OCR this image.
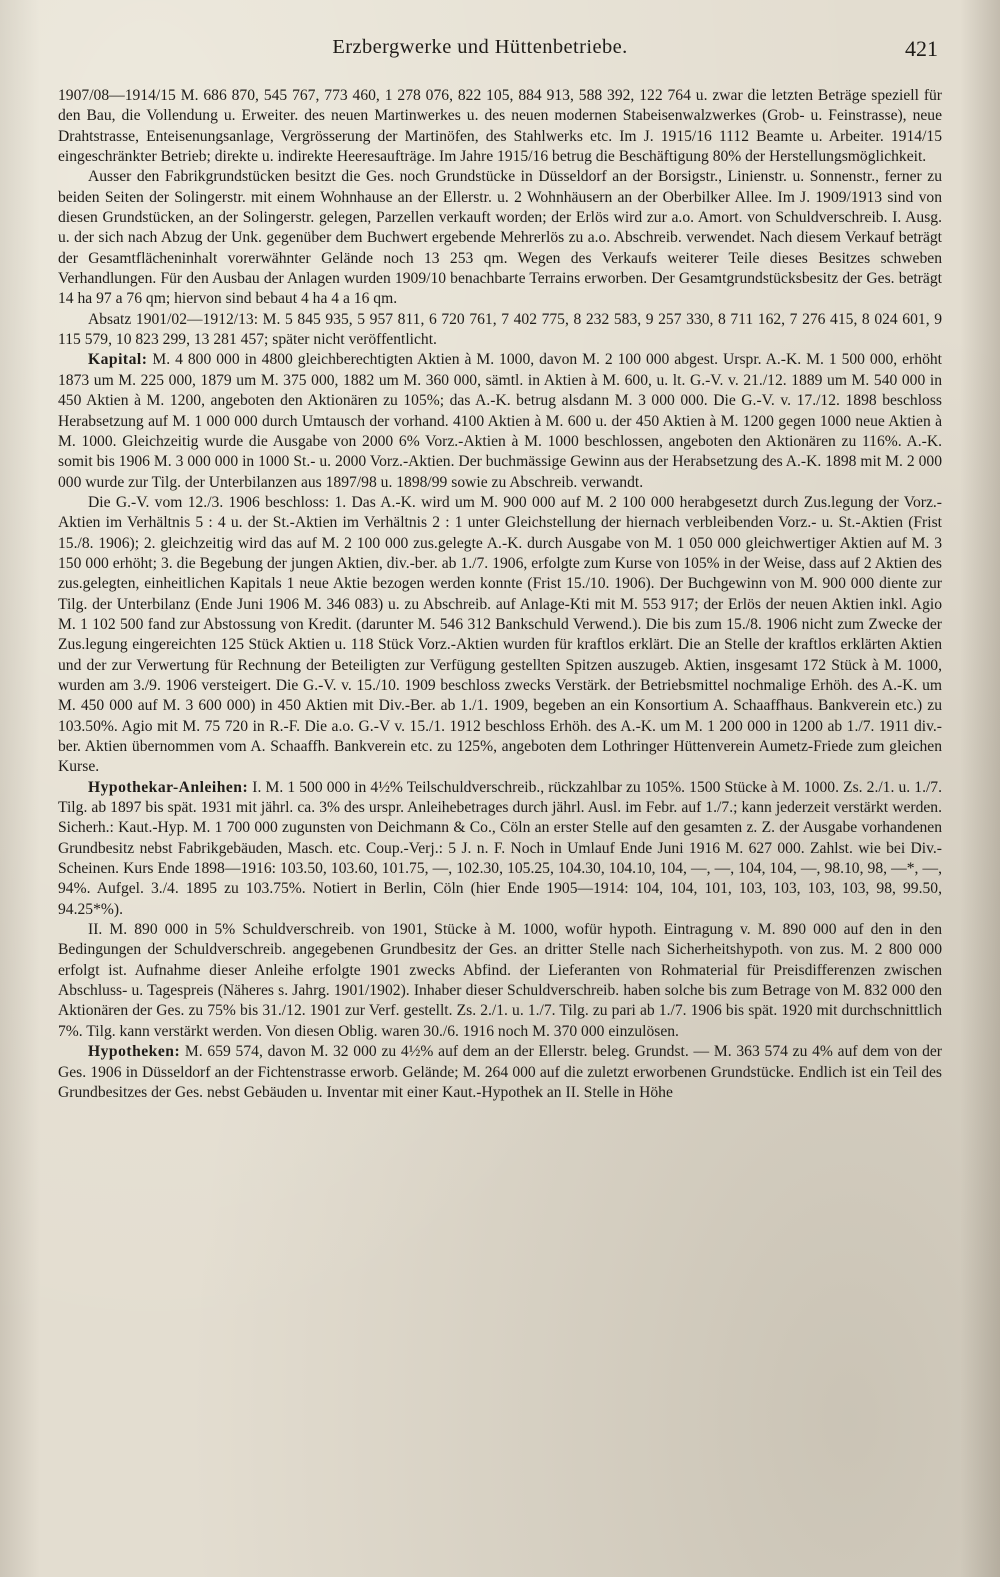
Erzbergwerke und Hüttenbetriebe.	421

1907/08—1914/15 M. 686 870, 545 767, 773 460, 1 278 076, 822 105, 884 913, 588 392, 122 764 u. zwar die letzten Beträge speziell für den Bau, die Vollendung u. Erweiter. des neuen Martinwerkes u. des neuen modernen Stabeisenwalzwerkes (Grob- u. Feinstrasse), neue Drahtstrasse, Enteisenungsanlage, Vergrösserung der Martinöfen, des Stahlwerks etc. Im J. 1915/16 1112 Beamte u. Arbeiter. 1914/15 eingeschränkter Betrieb; direkte u. indirekte Heeresaufträge. Im Jahre 1915/16 betrug die Beschäftigung 80% der Herstellungsmöglichkeit.

Ausser den Fabrikgrundstücken besitzt die Ges. noch Grundstücke in Düsseldorf an der Borsigstr., Linienstr. u. Sonnenstr., ferner zu beiden Seiten der Solingerstr. mit einem Wohnhause an der Ellerstr. u. 2 Wohnhäusern an der Oberbilker Allee. Im J. 1909/1913 sind von diesen Grundstücken, an der Solingerstr. gelegen, Parzellen verkauft worden; der Erlös wird zur a.o. Amort. von Schuldverschreib. I. Ausg. u. der sich nach Abzug der Unk. gegenüber dem Buchwert ergebende Mehrerlös zu a.o. Abschreib. verwendet. Nach diesem Verkauf beträgt der Gesamtflächeninhalt vorerwähnter Gelände noch 13 253 qm. Wegen des Verkaufs weiterer Teile dieses Besitzes schweben Verhandlungen. Für den Ausbau der Anlagen wurden 1909/10 benachbarte Terrains erworben. Der Gesamtgrundstücksbesitz der Ges. beträgt 14 ha 97 a 76 qm; hiervon sind bebaut 4 ha 4 a 16 qm.

Absatz 1901/02—1912/13: M. 5 845 935, 5 957 811, 6 720 761, 7 402 775, 8 232 583, 9 257 330, 8 711 162, 7 276 415, 8 024 601, 9 115 579, 10 823 299, 13 281 457; später nicht veröffentlicht.

Kapital: M. 4 800 000 in 4800 gleichberechtigten Aktien à M. 1000, davon M. 2 100 000 abgest. Urspr. A.-K. M. 1 500 000, erhöht 1873 um M. 225 000, 1879 um M. 375 000, 1882 um M. 360 000, sämtl. in Aktien à M. 600, u. lt. G.-V. v. 21./12. 1889 um M. 540 000 in 450 Aktien à M. 1200, angeboten den Aktionären zu 105%; das A.-K. betrug alsdann M. 3 000 000. Die G.-V. v. 17./12. 1898 beschloss Herabsetzung auf M. 1 000 000 durch Umtausch der vorhand. 4100 Aktien à M. 600 u. der 450 Aktien à M. 1200 gegen 1000 neue Aktien à M. 1000. Gleichzeitig wurde die Ausgabe von 2000 6% Vorz.-Aktien à M. 1000 beschlossen, angeboten den Aktionären zu 116%. A.-K. somit bis 1906 M. 3 000 000 in 1000 St.- u. 2000 Vorz.-Aktien. Der buchmässige Gewinn aus der Herabsetzung des A.-K. 1898 mit M. 2 000 000 wurde zur Tilg. der Unterbilanzen aus 1897/98 u. 1898/99 sowie zu Abschreib. verwandt.

Die G.-V. vom 12./3. 1906 beschloss: 1. Das A.-K. wird um M. 900 000 auf M. 2 100 000 herabgesetzt durch Zus.legung der Vorz.-Aktien im Verhältnis 5 : 4 u. der St.-Aktien im Verhältnis 2 : 1 unter Gleichstellung der hiernach verbleibenden Vorz.- u. St.-Aktien (Frist 15./8. 1906); 2. gleichzeitig wird das auf M. 2 100 000 zus.gelegte A.-K. durch Ausgabe von M. 1 050 000 gleichwertiger Aktien auf M. 3 150 000 erhöht; 3. die Begebung der jungen Aktien, div.-ber. ab 1./7. 1906, erfolgte zum Kurse von 105% in der Weise, dass auf 2 Aktien des zus.gelegten, einheitlichen Kapitals 1 neue Aktie bezogen werden konnte (Frist 15./10. 1906). Der Buchgewinn von M. 900 000 diente zur Tilg. der Unterbilanz (Ende Juni 1906 M. 346 083) u. zu Abschreib. auf Anlage-Kti mit M. 553 917; der Erlös der neuen Aktien inkl. Agio M. 1 102 500 fand zur Abstossung von Kredit. (darunter M. 546 312 Bankschuld Verwend.). Die bis zum 15./8. 1906 nicht zum Zwecke der Zus.legung eingereichten 125 Stück Aktien u. 118 Stück Vorz.-Aktien wurden für kraftlos erklärt. Die an Stelle der kraftlos erklärten Aktien und der zur Verwertung für Rechnung der Beteiligten zur Verfügung gestellten Spitzen auszugeb. Aktien, insgesamt 172 Stück à M. 1000, wurden am 3./9. 1906 versteigert. Die G.-V. v. 15./10. 1909 beschloss zwecks Verstärk. der Betriebsmittel nochmalige Erhöh. des A.-K. um M. 450 000 auf M. 3 600 000) in 450 Aktien mit Div.-Ber. ab 1./1. 1909, begeben an ein Konsortium A. Schaaffhaus. Bankverein etc.) zu 103.50%. Agio mit M. 75 720 in R.-F. Die a.o. G.-V v. 15./1. 1912 beschloss Erhöh. des A.-K. um M. 1 200 000 in 1200 ab 1./7. 1911 div.-ber. Aktien übernommen vom A. Schaaffh. Bankverein etc. zu 125%, angeboten dem Lothringer Hüttenverein Aumetz-Friede zum gleichen Kurse.

Hypothekar-Anleihen: I. M. 1 500 000 in 4½% Teilschuldverschreib., rückzahlbar zu 105%. 1500 Stücke à M. 1000. Zs. 2./1. u. 1./7. Tilg. ab 1897 bis spät. 1931 mit jährl. ca. 3% des urspr. Anleihebetrages durch jährl. Ausl. im Febr. auf 1./7.; kann jederzeit verstärkt werden. Sicherh.: Kaut.-Hyp. M. 1 700 000 zugunsten von Deichmann & Co., Cöln an erster Stelle auf den gesamten z. Z. der Ausgabe vorhandenen Grundbesitz nebst Fabrikgebäuden, Masch. etc. Coup.-Verj.: 5 J. n. F. Noch in Umlauf Ende Juni 1916 M. 627 000. Zahlst. wie bei Div.-Scheinen. Kurs Ende 1898—1916: 103.50, 103.60, 101.75, —, 102.30, 105.25, 104.30, 104.10, 104, —, —, 104, 104, —, 98.10, 98, —*, —, 94%. Aufgel. 3./4. 1895 zu 103.75%. Notiert in Berlin, Cöln (hier Ende 1905—1914: 104, 104, 101, 103, 103, 103, 103, 98, 99.50, 94.25*%).

II. M. 890 000 in 5% Schuldverschreib. von 1901, Stücke à M. 1000, wofür hypoth. Eintragung v. M. 890 000 auf den in den Bedingungen der Schuldverschreib. angegebenen Grundbesitz der Ges. an dritter Stelle nach Sicherheitshypoth. von zus. M. 2 800 000 erfolgt ist. Aufnahme dieser Anleihe erfolgte 1901 zwecks Abfind. der Lieferanten von Rohmaterial für Preisdifferenzen zwischen Abschluss- u. Tagespreis (Näheres s. Jahrg. 1901/1902). Inhaber dieser Schuldverschreib. haben solche bis zum Betrage von M. 832 000 den Aktionären der Ges. zu 75% bis 31./12. 1901 zur Verf. gestellt. Zs. 2./1. u. 1./7. Tilg. zu pari ab 1./7. 1906 bis spät. 1920 mit durchschnittlich 7%. Tilg. kann verstärkt werden. Von diesen Oblig. waren 30./6. 1916 noch M. 370 000 einzulösen.

Hypotheken: M. 659 574, davon M. 32 000 zu 4½% auf dem an der Ellerstr. beleg. Grundst. — M. 363 574 zu 4% auf dem von der Ges. 1906 in Düsseldorf an der Fichtenstrasse erworb. Gelände; M. 264 000 auf die zuletzt erworbenen Grundstücke. Endlich ist ein Teil des Grundbesitzes der Ges. nebst Gebäuden u. Inventar mit einer Kaut.-Hypothek an II. Stelle in Höhe
